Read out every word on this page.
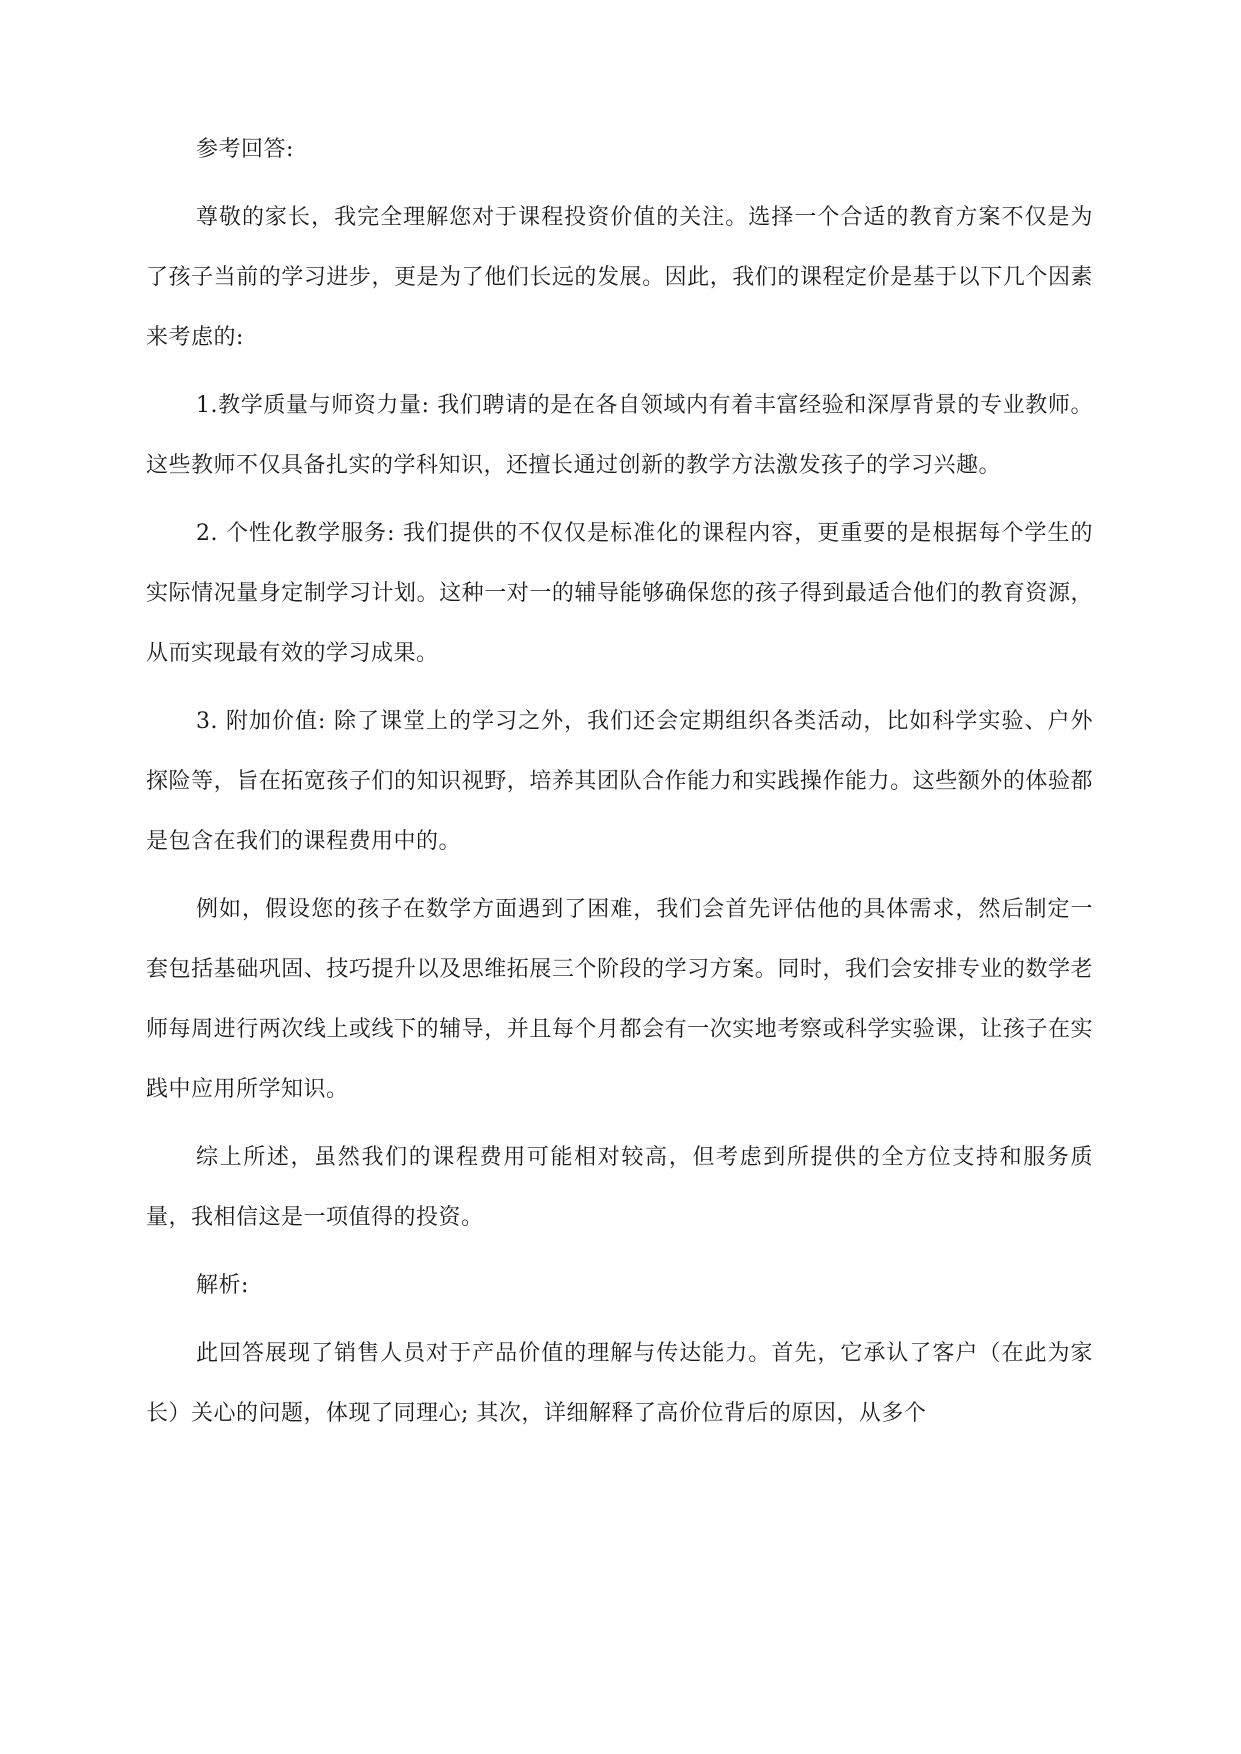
参考回答:

尊敬的家长，我完全理解您对于课程投资价值的关注。选择一个合适的教育方案不仅是为了孩子当前的学习进步，更是为了他们长远的发展。因此，我们的课程定价是基于以下几个因素来考虑的:

1.教学质量与师资力量: 我们聘请的是在各自领域内有着丰富经验和深厚背景的专业教师。这些教师不仅具备扎实的学科知识，还擅长通过创新的教学方法激发孩子的学习兴趣。

2. 个性化教学服务: 我们提供的不仅仅是标准化的课程内容，更重要的是根据每个学生的实际情况量身定制学习计划。这种一对一的辅导能够确保您的孩子得到最适合他们的教育资源，从而实现最有效的学习成果。

3. 附加价值: 除了课堂上的学习之外，我们还会定期组织各类活动，比如科学实验、户外探险等，旨在拓宽孩子们的知识视野，培养其团队合作能力和实践操作能力。这些额外的体验都是包含在我们的课程费用中的。

例如，假设您的孩子在数学方面遇到了困难，我们会首先评估他的具体需求，然后制定一套包括基础巩固、技巧提升以及思维拓展三个阶段的学习方案。同时，我们会安排专业的数学老师每周进行两次线上或线下的辅导，并且每个月都会有一次实地考察或科学实验课，让孩子在实践中应用所学知识。

综上所述，虽然我们的课程费用可能相对较高，但考虑到所提供的全方位支持和服务质量，我相信这是一项值得的投资。

解析:

此回答展现了销售人员对于产品价值的理解与传达能力。首先，它承认了客户（在此为家长）关心的问题，体现了同理心; 其次，详细解释了高价位背后的原因，从多个
